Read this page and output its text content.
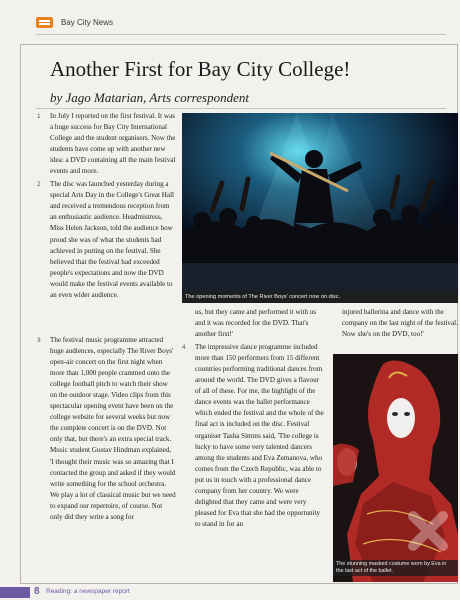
Bay City News
Another First for Bay City College!
by Jago Matarian, Arts correspondent
1 In July I reported on the first festival. It was a huge success for Bay City International College and the student organisers. Now the students have come up with another new idea: a DVD containing all the main festival events and more.

2 The disc was launched yesterday during a special Arts Day in the College's Great Hall and received a tremendous reception from an enthusiastic audience. Headmistress, Miss Helen Jackson, told the audience how proud she was of what the students had achieved in putting on the festival. She believed that the festival had exceeded people's expectations and now the DVD would make the festival events available to an even wider audience.

3 The festival music programme attracted huge audiences, especially The River Boys' open-air concert on the first night when more than 1,000 people crammed onto the college football pitch to watch their show on the outdoor stage. Video clips from this spectacular opening event have been on the college website for several weeks but now the complete concert is on the DVD. Not only that, but there's an extra special track. Music student Gustav Hindman explained, 'I thought their music was so amazing that I contacted the group and asked if they would write something for the school orchestra. We play a lot of classical music but we need to expand our repertoire, of course. Not only did they write a song for

us, but they came and performed it with us and it was recorded for the DVD. That's another first!'

4 The impressive dance programme included more than 150 performers from 15 different countries performing traditional dances from around the world. The DVD gives a flavour of all of these. For me, the highlight of the dance events was the ballet performance which ended the festival and the whole of the final act is included on the disc. Festival organiser Tasha Simms said, 'The college is lucky to have some very talented dancers among the students and Eva Zemanova, who comes from the Czech Republic, was able to put us in touch with a professional dance company from her country. We were delighted that they came and were very pleased for Eva that she had the opportunity to stand in for an

injured ballerina and dance with the company on the last night of the festival. Now she's on the DVD, too!'

The opening moments of The River Boys' concert now on disc.
The stunning masked costume worn by Eva in the last act of the ballet.
8 Reading: a newspaper report
